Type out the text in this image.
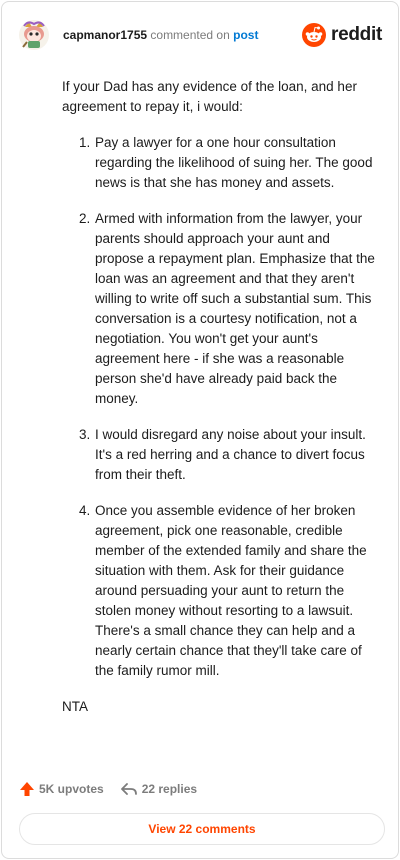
capmanor1755 commented on post	reddit

If your Dad has any evidence of the loan, and her agreement to repay it, i would:

1. Pay a lawyer for a one hour consultation regarding the likelihood of suing her. The good news is that she has money and assets.
2. Armed with information from the lawyer, your parents should approach your aunt and propose a repayment plan. Emphasize that the loan was an agreement and that they aren't willing to write off such a substantial sum. This conversation is a courtesy notification, not a negotiation. You won't get your aunt's agreement here - if she was a reasonable person she'd have already paid back the money.
3. I would disregard any noise about your insult. It's a red herring and a chance to divert focus from their theft.
4. Once you assemble evidence of her broken agreement, pick one reasonable, credible member of the extended family and share the situation with them. Ask for their guidance around persuading your aunt to return the stolen money without resorting to a lawsuit. There's a small chance they can help and a nearly certain chance that they'll take care of the family rumor mill.

NTA

5K upvotes	22 replies
View 22 comments
